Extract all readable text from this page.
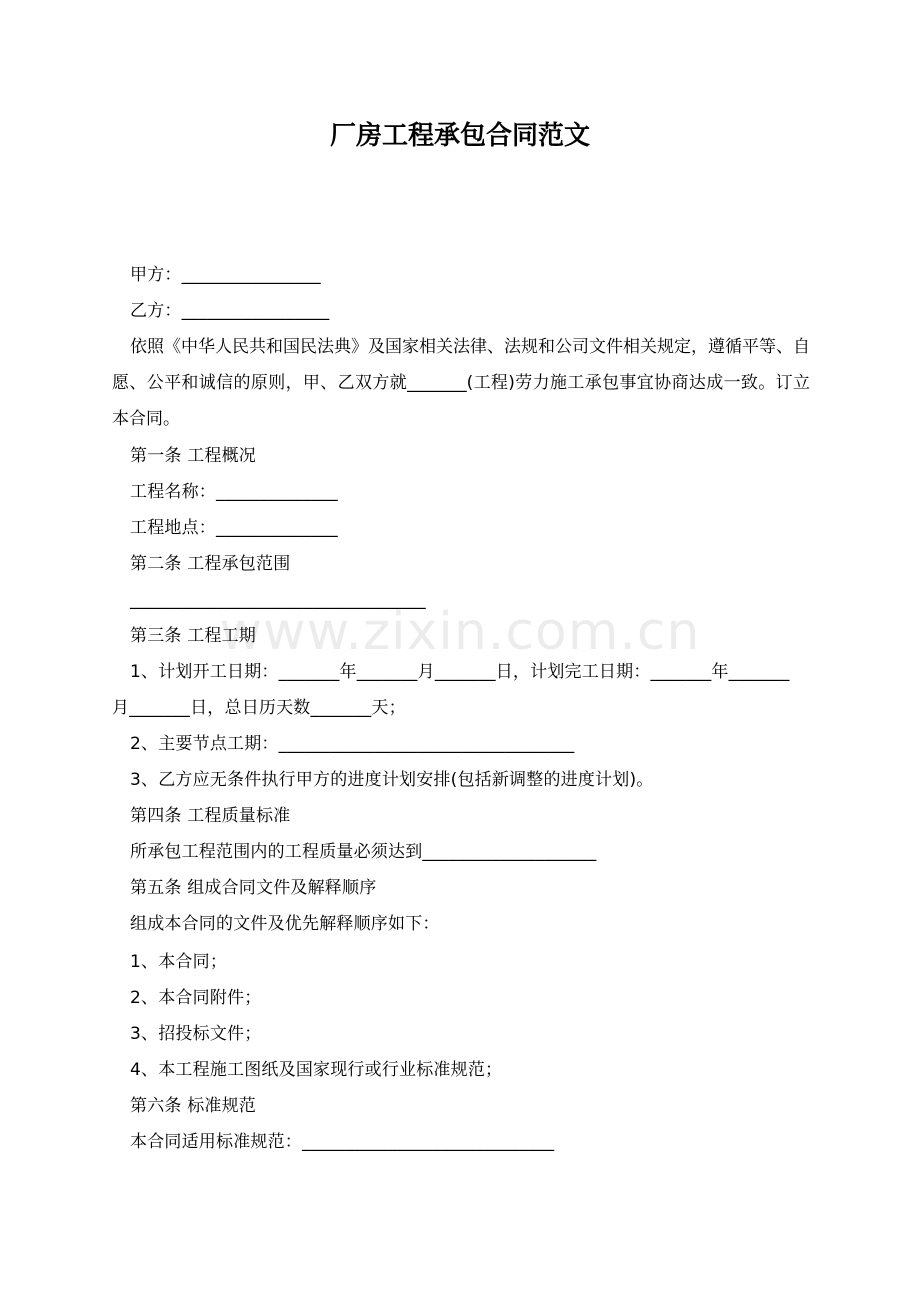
厂房工程承包合同范文
www.zixin.com.cn
甲方：________________
乙方：_________________
依照《中华人民共和国民法典》及国家相关法律、法规和公司文件相关规定，遵循平等、自愿、公平和诚信的原则，甲、乙双方就_______(工程)劳力施工承包事宜协商达成一致。订立本合同。
第一条 工程概况
工程名称：______________
工程地点：______________
第二条 工程承包范围
__________________________________
第三条 工程工期
1、计划开工日期：_______年_______月_______日，计划完工日期：_______年_______
月_______日，总日历天数_______天；
2、主要节点工期：__________________________________
3、乙方应无条件执行甲方的进度计划安排(包括新调整的进度计划)。
第四条 工程质量标准
所承包工程范围内的工程质量必须达到____________________
第五条 组成合同文件及解释顺序
组成本合同的文件及优先解释顺序如下：
1、本合同；
2、本合同附件；
3、招投标文件；
4、本工程施工图纸及国家现行或行业标准规范；
第六条 标准规范
本合同适用标准规范：_____________________________
